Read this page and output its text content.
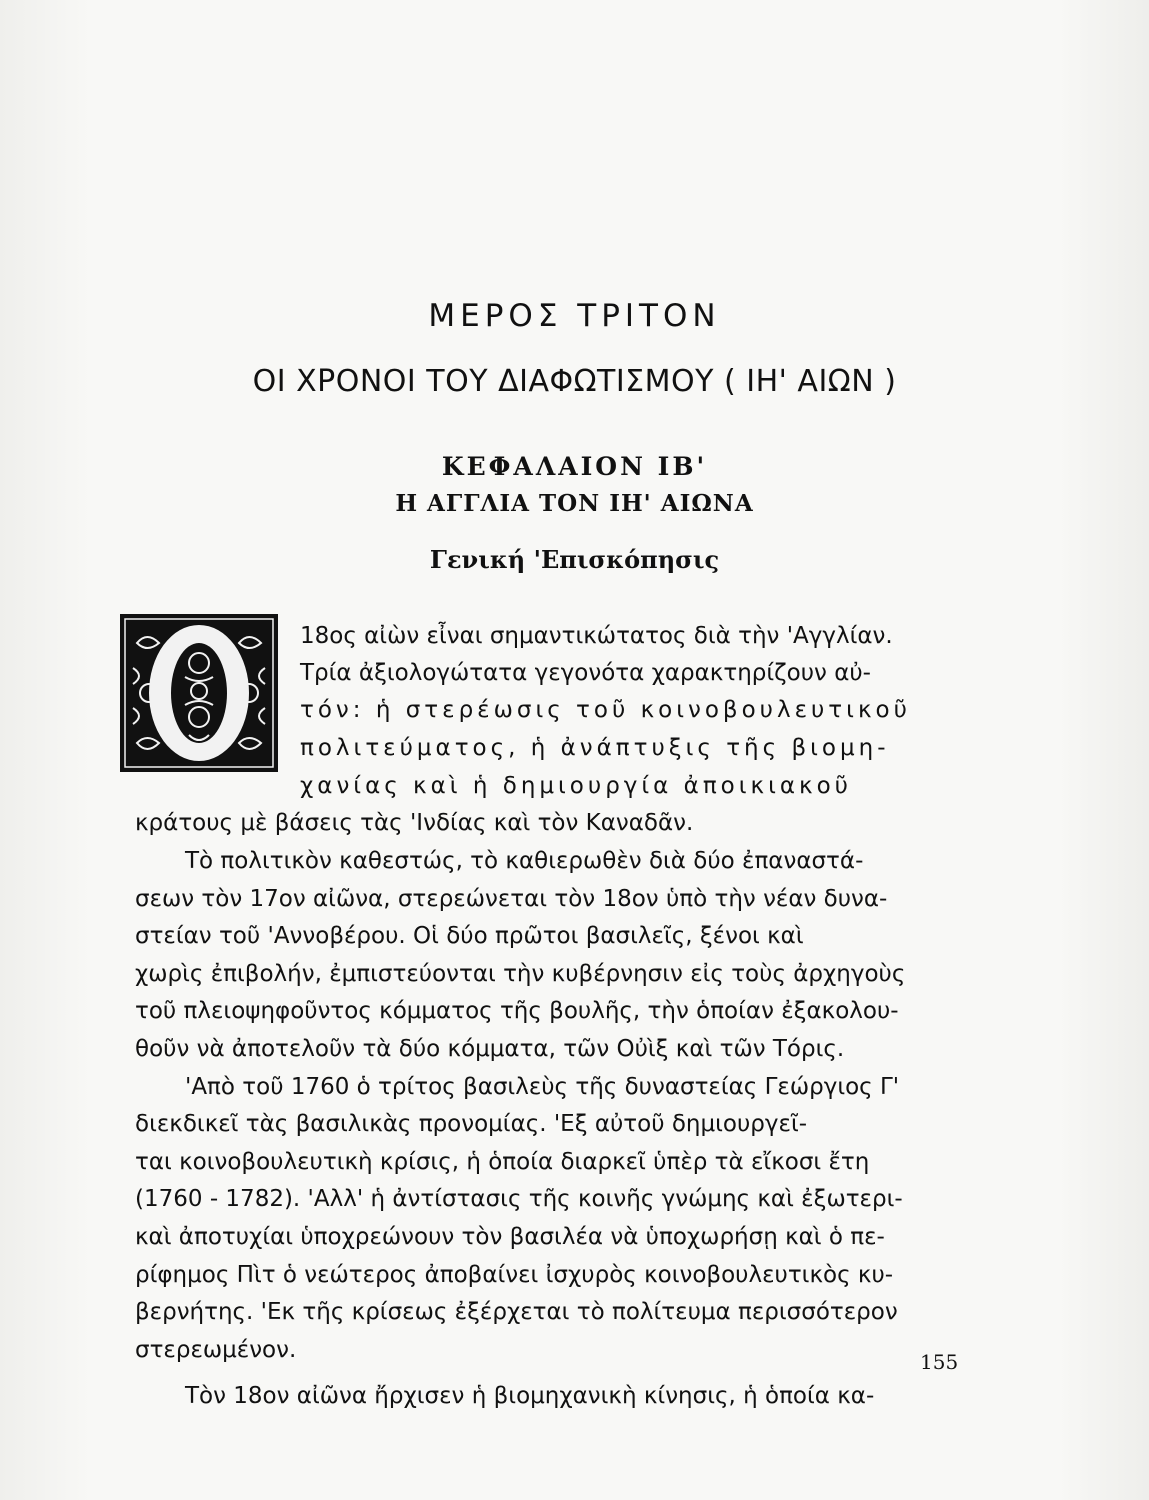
ΜΕΡΟΣ ΤΡΙΤΟΝ
ΟΙ ΧΡΟΝΟΙ ΤΟΥ ΔΙΑΦΩΤΙΣΜΟΥ ( ΙΗ' ΑΙΩΝ )
ΚΕΦΑΛΑΙΟΝ ΙΒ'
Η ΑΓΓΛΙΑ ΤΟΝ ΙΗ' ΑΙΩΝΑ
Γενική 'Επισκόπησις
18ος αἰὼν εἶναι σημαντικώτατος διὰ τὴν 'Αγγλίαν.
Τρία ἀξιολογώτατα γεγονότα χαρακτηρίζουν αὐ-
τόν: ἡ στερέωσις τοῦ κοινοβουλευτικοῦ
πολιτεύματος, ἡ ἀνάπτυξις τῆς βιομη-
χανίας καὶ ἡ δημιουργία ἀποικιακοῦ
κράτους μὲ βάσεις τὰς 'Ινδίας καὶ τὸν Καναδᾶν.
Τὸ πολιτικὸν καθεστώς, τὸ καθιερωθὲν διὰ δύο ἐπαναστά-
σεων τὸν 17ον αἰῶνα, στερεώνεται τὸν 18ον ὑπὸ τὴν νέαν δυνα-
στείαν τοῦ 'Αννοβέρου. Οἱ δύο πρῶτοι βασιλεῖς, ξένοι καὶ
χωρὶς ἐπιβολήν, ἐμπιστεύονται τὴν κυβέρνησιν εἰς τοὺς ἀρχηγοὺς
τοῦ πλειοψηφοῦντος κόμματος τῆς βουλῆς, τὴν ὁποίαν ἐξακολου-
θοῦν νὰ ἀποτελοῦν τὰ δύο κόμματα, τῶν Οὐὶξ καὶ τῶν Τόρις.
'Απὸ τοῦ 1760 ὁ τρίτος βασιλεὺς τῆς δυναστείας Γεώργιος Γ'
διεκδικεῖ τὰς βασιλικὰς προνομίας. 'Εξ αὐτοῦ δημιουργεῖ-
ται κοινοβουλευτικὴ κρίσις, ἡ ὁποία διαρκεῖ ὑπὲρ τὰ εἴκοσι ἔτη
(1760 - 1782). 'Αλλ' ἡ ἀντίστασις τῆς κοινῆς γνώμης καὶ ἐξωτερι-
καὶ ἀποτυχίαι ὑποχρεώνουν τὸν βασιλέα νὰ ὑποχωρήσῃ καὶ ὁ πε-
ρίφημος Πὶτ ὁ νεώτερος ἀποβαίνει ἰσχυρὸς κοινοβουλευτικὸς κυ-
βερνήτης. 'Εκ τῆς κρίσεως ἐξέρχεται τὸ πολίτευμα περισσότερον
στερεωμένον.
Τὸν 18ον αἰῶνα ἤρχισεν ἡ βιομηχανικὴ κίνησις, ἡ ὁποία κα-
155
